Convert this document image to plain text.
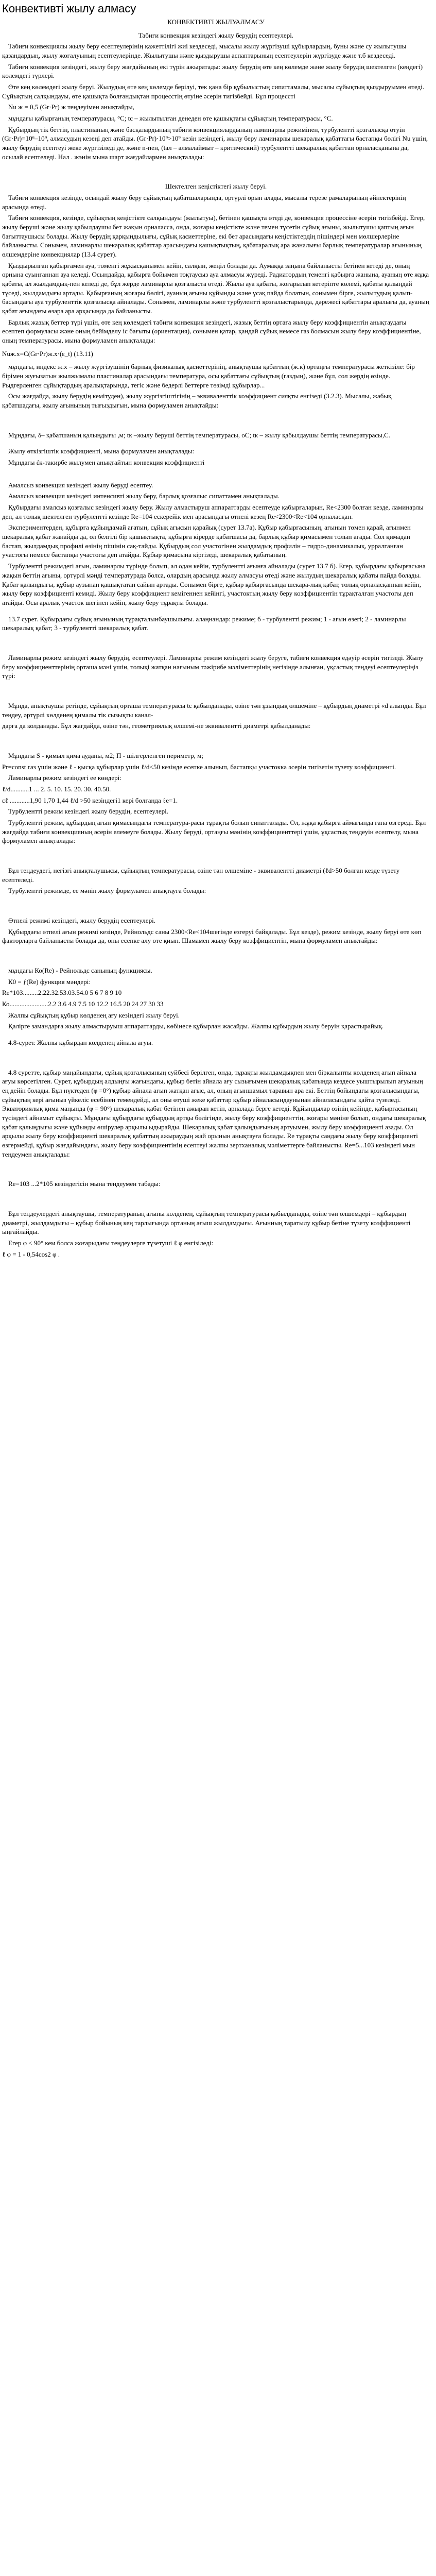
Конвективті жылу алмасу
КОНВЕКТИВТІ ЖЫЛУАЛМАСУ

Табиғи конвекция кезіндегі жылу берудің есептеулері.

Табиғи конвекциялы жылу беру есептеулерінің қажеттілігі жиі кездеседі, мысалы жылу жүргізуші құбырлардың, буны және су жылытушы қазандардың, жылу жоғалуының есептеулерінде. Жылытушы және қыздырушы аспаптарының есептеулерін жүргізуде және т.б кездеседі.

Табиғи конвекция кезіндегі, жылу беру жағдайының екі түрін ажыратады: жылу берудің өте кең көлемде және жылу берудің шектелген (кеңдегі) көлемдегі түрлері.

Өте кең көлемдегі жылу беруі. Жылудың өте кең көлемде берілуі, тек қана бір құбылыстың сипаттамалы, мысалы сұйықтың қыздыруымен өтеді. Сұйықтың салқындауы, өте қашықта болғандықтан процесстің өтуіне әсерін тигізбейді. Бұл процессті

Nu ж = 0,5 (Gr·Pr) ж теңдеуімен анықтайды,

мұндағы қабырғаның температурасы, °С; tс – жылытылған денеден өте қашықтағы сұйықтың температурасы, °С.

Құбырдың тік беттің, пластинаның және басқалардының табиғи конвекциялардының ламинарлы режимінен, турбулентті қозғалысқа өтуін (Gr·Pr)=10⁶–10⁹, алмасудың кезеңі деп атайды. (Gr·Pr)·10⁹>10⁹ кезін кезіндегі, жылу беру ламинарлы шекаралық қабаттағы бастапқы бөлігі Nu үшін, жылу берудің есептеуі жеке жүргізіледі де, және n-пен, (tал – алмалаймыт – критический) турбулентті шекаралық қабаттан орналасқанына да, осылай есептеледі. Нал . жэнін мына шарт жағдайлармен анықталады:

Шектелген кеңістіктегі жылу беруі.

Табиғи конвекция кезінде, осындай жылу беру сұйықтың қабатшаларында, ортүрлі орын алады, мысалы терезе рамаларының әйнектерінің арасында өтеді.

Табиғи конвекция, кезінде, сұйықтың кеңістікте салқындауы (жылытуы), бетінен қашықта өтеді де, конвекция процессіне әсерін тигізбейді. Егер, жылу беруші және жылу қабылдаушы бет жақын орналасса, онда, жоғары кеңістікте және темен түсетін сұйық ағыны, жылытушы қаптың ағын бағыттаушысы болады. Жылу берудің қарқындылығы, сұйық қасиеттеріне, екі бет арасындағы кеңістіктердің пішіндері мен мөлшерлеріне байланысты. Сонымен, ламинарлы шекаралық қабаттар арасындағы қашықтықтың, қабатаралық ара жаналығы барлық температуралар ағынының өлшемдеріне конвекциялар (13.4 сурет).

Қыздырылған қабырғамен ауа, төменгі жұқысқанымен кейін, салқын, жеңіл болады да. Аумаққа заңына байланысты бетінен кетеді де, оның орнына суынғаннан ауа келеді. Осындайда, қабырға бойымен тоқтаусыз ауа алмасуы жүреді. Радиатордың теменгі қабырға жанына, ауаның өте жұқа қабаты, ал жылдамдық-пен келеді де, бұл жерде ламинарлы қозғалыста өтеді. Жылы ауа қабаты, жоғарылап кетеріпте көлемі, қабаты қалыңдай түседі, жылдамдығы артады. Қабырғаның жоғары бөлігі, ауаның ағыны құйынды және ұсақ пайда болатын, сонымен бірге, жылытудың қалып-басындағы ауа турбуленттік қозғалысқа айналады. Сонымен, ламинарлы және турбулентті қозғалыстарында, дәрежесі қабаттары аралығы да, ауаның қабат ағындағы өзара ара арқасында да байланысты.

Барлық жазық беттер түрі үшін, өте кең көлемдегі табиғи конвекция кезіндегі, жазық беттің ортаға жылу беру коэффициентін анықтаудағы есептеп формуласы және оның бейімделу ic бағыты (ориентация), сонымен қатар, қандай сұйық немесе газ болмасын жылу беру коэффициентіне, оның температурасы, мына формуламен анықталады:

Nuж.x=C(Gr·Pr)ж.x·(ε_t) (13.11)

мұндағы, индекс ж.x – жылу жүргізушінің барлық физикалық қасиеттерінің, анықтаушы қабаттың (ж.к) ортаңғы температурасы жеткізіле: бір бірімен жуғызатын жылжымалы пластиналар арасындағы температура, осы қабаттағы сұйықтың (газдың), және бұл, сол жердің өзінде. Рыдгерленген сұйықтардың аралықтарында, тегіс және бедерлі беттерге төзімді құбырлар...

Осы жағдайда, жылу берудің кемітуден), жылу жүргізгіштігінің – эквиваленттік коэффициент сияқты енгізеді (3.2.3). Мысалы, жабық қабатшадағы, жылу ағынының тығыздығын, мына формуламен анықтайды:

Мұндағы, δ– қабатшаның қалыңдығы ,м; tк –жылу беруші беттің температурасы, оС; tк – жылу қабылдаушы беттің температурасы,С.

Жылу өткізгіштік коэффициенті, мына формуламен анықталады:

Мұндағы έк-такирбе жылумен анықтайтын конвекция коэффициенті

Амалсыз конвекция кезіндегі жылу беруді есептеу.

Амалсыз конвекция кезіндегі интенсивті жылу беру, барлық қозғалыс сипаттамен анықталады.

Құбырдағы амалсыз қозғалыс кезіндегі жылу беру. Жылу алмастыруш аппараттарды есептеуде қабырғаларын, Re<2300 болған кезде, ламинарлы деп, ал толық шектелген турбулентті кезінде Re=104 ескерейік мен арасындағы өтпелі кезең Re<2300<Re<104 орналасқан.

Экспериментерден, құбырға құйыңдамай ағатын, сұйық ағысын қарайық (сурет 13.7а). Құбыр қабырғасының, ағынын төмен қарай, ағынмен шекаралық қабат жанайды да, ол белгілі бір қашықтықта, құбырға кірерде қабатшасы да, барлық құбыр қимасымен толып ағады. Сол қимадан бастап, жылдамдық профилі өзінің пішінін сақ-тайды. Құбырдың сол участогінен жылдамдық профилін – гидро-динамикалық, урралганған участогы немесе бастапқы участогы деп атайды. Құбыр қимасына кіргізеді, шекаралық қабатының.

Турбулентті режимдегі ағын, ламинарлы түрінде болып, ал одан кейін, турбулентті ағынға айналады (сурет 13.7 б). Егер, құбырдағы қабырғасына жақын беттің ағыны, ортүрлі мәнді температурада болса, олардың арасында жылу алмасуы өтеді және жылудың шекаралық қабаты пайда болады. Қабат қалыңдығы, құбыр аузынан қашықтатан сайын артады. Сонымен бірге, құбыр қабырғасында шекара-лық қабат, толық орналасқаннан кейін, жылу беру коэффициенті кемиді. Жылу беру коэффициент кемігеннен кейінгі, участоктың жылу беру коэффициентін тұрақталған участогы деп атайды. Осы аралық участок шегінен кейін, жылу беру тұрақты болады.

13.7 сурет. Құбырдағы сұйық ағынының тұрақталынбаушылығы. алаңнандар: режиме; б - турбулентті режим; 1 - ағын өзегі; 2 - ламинарлы шекаралық қабат; 3 - турбулентті шекаралық қабат.

Ламинарлы режим кезіндегі жылу берудің, есептеулері. Ламинарлы режим кезіндегі жылу беруге, табиғи конвекция едәуір әсерін тигізеді. Жылу беру коэффициенттерінің орташа мәні үшін, толықі жатқан нағыным тәжірибе мәліметтерінің негізінде алынған, ұқсастық теңдеуі есептеулеріңіз түрі:

Мұнда, анықтаушы ретінде, сұйықтың орташа температурасы tс қабылданады, өзіне тән ұзындық өлшеміне – құбырдың диаметрі «d алынды. Бұл теңдеу, әртүрлі көлденең қималы тік сызықты канал-

дарға да колданады. Бұл жағдайда, өзіне тән, геометриялық өлшемі-не эквиваленттi диаметрі қабылданады:

Мұндағы S - қимыл қима ауданы, м2; П - шілгерленген периметр, м;

Pr=const газ үшін және ℓ - қысқа құбырлар үшін ℓ/d<50 кезінде есепке алынып, бастапқы участокка әсерін тигізетін түзету коэффициенті.

Ламинарлы режим кезіндегі ее көндері:

ℓ/d...........1 ... 2. 5. 10. 15. 20. 30. 40.50.

εℓ ............1,90 1,70 1,44 ℓ/d >50 кезіндегі1 кері болғанда ℓе=1.

Турбулентті режим кезіндегі жылу берудің, есептеулері.

Турбулентті режим, құбырдың ағын қимасындағы температура-расы тұрақты болып сипатталады. Ол, жұқа қабырға аймағында ғана өзгереді. Бұл жағдайда табиғи конвекцияның әсерін елемеуге болады. Жылу беруді, ортаңғы мәнінің коэффициенттері үшін, ұқсастық теңдеуін есептелу, мына формуламен анықталады:

Бұл теңдеудегі, негізгі анықталушысы, сұйықтың температурасы, өзіне тән өлшеміне - эквивалентті диаметрі (ℓd>50 болған кезде түзету есептеледі.

Турбулентті режимде, ее мәнін жылу формуламен анықтауға болады:

Өтпелі режимі кезіндегі, жылу берудің есептеулері.

Құбырдағы өтпелі ағын режимі кезінде, Рейнольдс саны 2300<Re<104шегінде езгеруі байқалады. Бұл кезде), режим кезінде, жылу беруі өте көп факторларға байланысты болады да, оны есепке алу өте қиын. Шамамен жылу беру коэффициентін, мына формуламен анықтайды:

мұндағы Ко(Re) - Рейнольдс санының функциясы.

К0 = ƒ(Re) функция мәндері:

Re*103.........2.22.32.53.03.54.0 5 6 7 8 9 10

Ко.......................2.2 3.6 4.9 7.5 10 12.2 16.5 20 24 27 30 33

Жалпы сұйықтың құбыр көлденең ағу кезіндегі жылу беруі.

Қалірге замандарға жылу алмастыруыш аппараттарды, көбінесе құбырлан жасайды. Жалпы құбырдың жылу беруін қарастырайық.

4.8-сурет. Жалпы құбырдан көлденең айнала ағуы.

4.8 суретте, құбыр маңайындағы, сұйық қозғалысының суйбесі берілген, онда, тұрақты жылдамдықпен мен біркалыпты көлденең ағып айнала ағуы көрсетілген. Сурет, құбырдың алдыңғы жағындағы, құбыр бетін айнала ағу сызығымен шекаралық қабатында кездесе уыштырылып ағуының ең дейін болады. Бұл нүктеден (φ =0°) құбыр айнала ағып жатқан ағыс, ал, оның ағыншамыл таравын ара екі. Беттің бойындағы қозғалысындағы, сұйықтың кері ағыныз үйкеліс есебінен темендейді, ал оны өтуші жеке қабаттар құбыр айналасындаунынан айналасындағы қайта түзеледі. Экваториялық қима маңында (φ = 90°) шекаралық қабат бетінен ажырап кетіп, арналада берге кетеді. Құйындылар өзінің кейінде, қабырғасының түсіндегі айнамыт сұйықты. Мұндағы құбырдағы құбырдың артқы бөлігінде, жылу беру коэффициенттің, жоғары мәніне болып, ондағы шекаралық қабат қалыңдығы және құйынды өшірулер арқылы ыдырайды. Шекаралық қабат қалыңдығының артуымен, жылу беру коэффициенті азады. Ол арқылы жылу беру коэффициенті шекаралық қабаттың ажыраудың жай орынын анықтауға болады. Re тұрақты сандағы жылу беру коэффициенті өзгермейді, құбыр жағдайындағы, жылу беру коэффициентінің есептеуі жалпы зертханалық мәліметтерге байланысты. Re=5...103 кезіндегі мын теңдеумен анықталады:

Re=103 ...2*105 кезіндегісін мына теңдеумен табады:

Бұл теңдеулердегі анықтаушы, температураның ағыны көлденең, сұйықтың температурасы қабылданады, өзіне тән өлшемдері – құбырдың диаметрі, жылдамдығы – құбыр бойының кең тарлығында ортаның ағыш жылдамдығы. Ағынның таратылу құбыр бетіне түзету коэффициенті ыңғайлайды.

Егер φ < 90° кем болса жоғарыдағы теңдеулерге түзетуші ℓ φ енгізіледі:

ℓ φ = 1 - 0,54cos2 φ .
